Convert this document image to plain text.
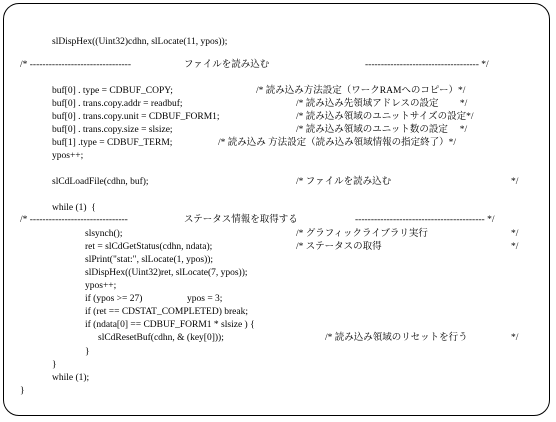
slDispHex((Uint32)cdhn, slLocate(11, ypos));
/* --------------------------------	ファイルを読み込む	------------------------------------ */
buf[0] . type = CDBUF_COPY;	/* 読み込み方法設定（ワークRAMへのコピー）*/
buf[0] . trans.copy.addr = readbuf;	/* 読み込み先領域アドレスの設定　　 */
buf[0] . trans.copy.unit = CDBUF_FORM1;	/* 読み込み領域のユニットサイズの設定*/
buf[0] . trans.copy.size = slsize;	/* 読み込み領域のユニット数の設定　 */
buf[1] .type = CDBUF_TERM;	/* 読み込み 方法設定（読み込み領域情報の指定終了）*/
ypos++;
slCdLoadFile(cdhn, buf);	/* ファイルを読み込む	*/
while (1)  {
/* -------------------------------	ステータス情報を取得する	----------------------------------------- */
slsynch();	/* グラフィックライブラリ実行	*/
ret = slCdGetStatus(cdhn, ndata);	/* ステータスの取得	*/
slPrint("stat:", slLocate(1, ypos));
slDispHex((Uint32)ret, slLocate(7, ypos));
ypos++;
if (ypos >= 27)	ypos = 3;
if (ret == CDSTAT_COMPLETED) break;
if (ndata[0] == CDBUF_FORM1 * slsize ) {
slCdResetBuf(cdhn, & (key[0]));	/* 読み込み領域のリセットを行う	*/
}
}
while (1);
}
